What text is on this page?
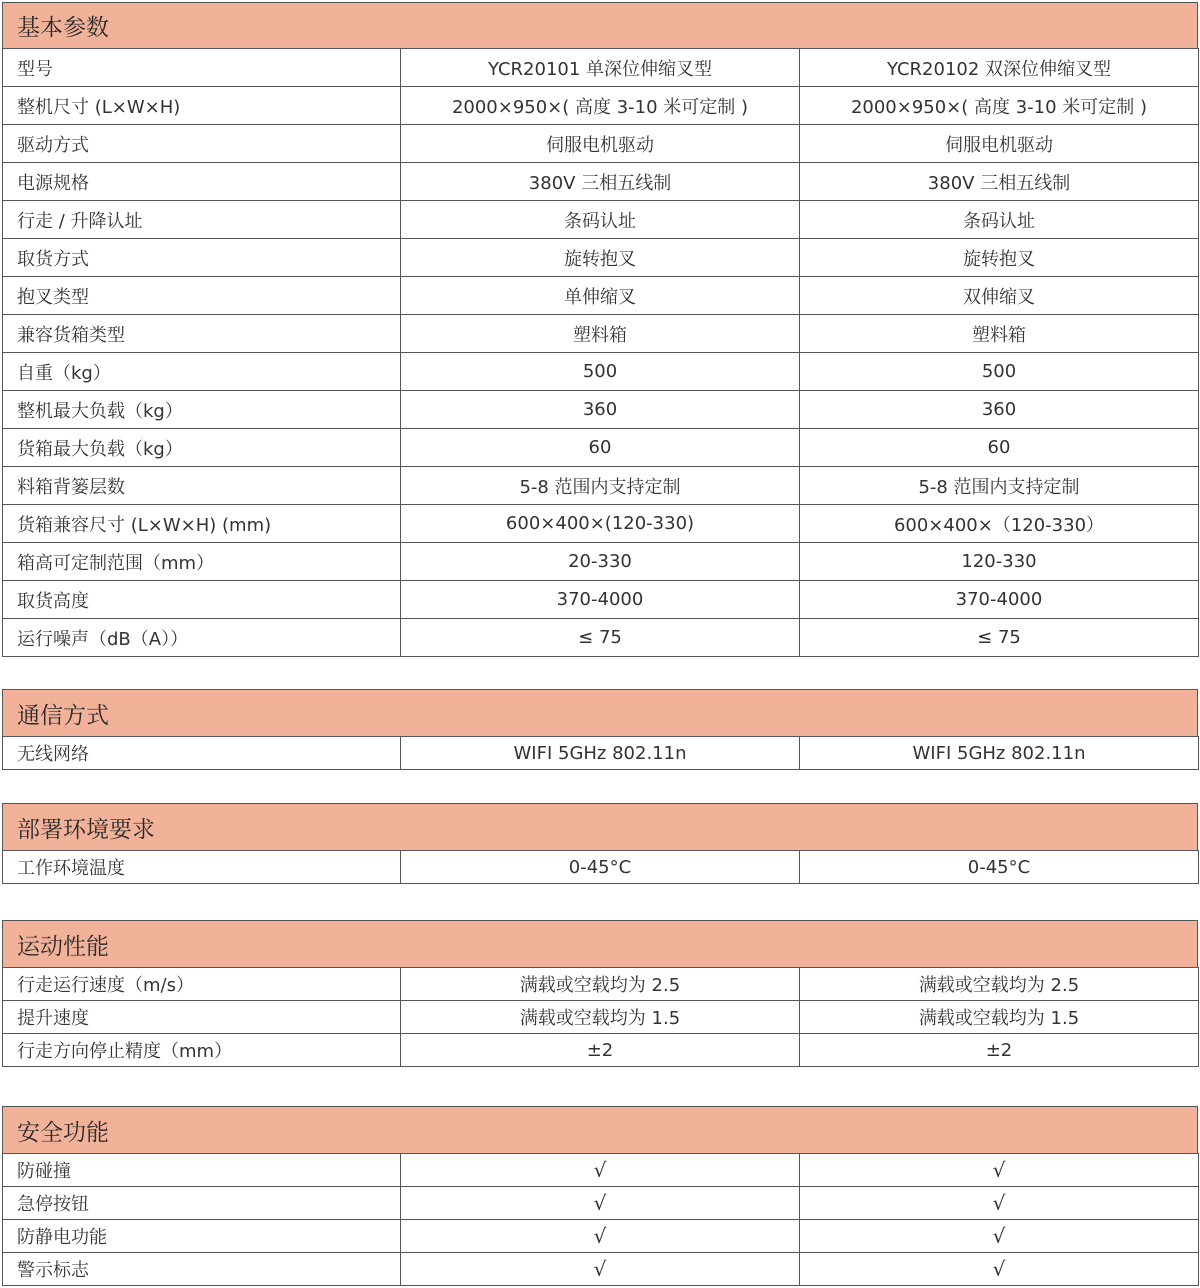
基本参数
型号	YCR20101 单深位伸缩叉型	YCR20102 双深位伸缩叉型
整机尺寸 (L×W×H)	2000×950×( 高度 3-10 米可定制 )	2000×950×( 高度 3-10 米可定制 )
驱动方式	伺服电机驱动	伺服电机驱动
电源规格	380V 三相五线制	380V 三相五线制
行走 / 升降认址	条码认址	条码认址
取货方式	旋转抱叉	旋转抱叉
抱叉类型	单伸缩叉	双伸缩叉
兼容货箱类型	塑料箱	塑料箱
自重（kg）	500	500
整机最大负载（kg）	360	360
货箱最大负载（kg）	60	60
料箱背篓层数	5-8 范围内支持定制	5-8 范围内支持定制
货箱兼容尺寸 (L×W×H) (mm)	600×400×(120-330)	600×400×（120-330）
箱高可定制范围（mm）	20-330	120-330
取货高度	370-4000	370-4000
运行噪声（dB（A））	≤ 75	≤ 75
通信方式
无线网络	WIFI 5GHz 802.11n	WIFI 5GHz 802.11n
部署环境要求
工作环境温度	0-45°C	0-45°C
运动性能
行走运行速度（m/s）	满载或空载均为 2.5	满载或空载均为 2.5
提升速度	满载或空载均为 1.5	满载或空载均为 1.5
行走方向停止精度（mm）	±2	±2
安全功能
防碰撞	√	√
急停按钮	√	√
防静电功能	√	√
警示标志	√	√
